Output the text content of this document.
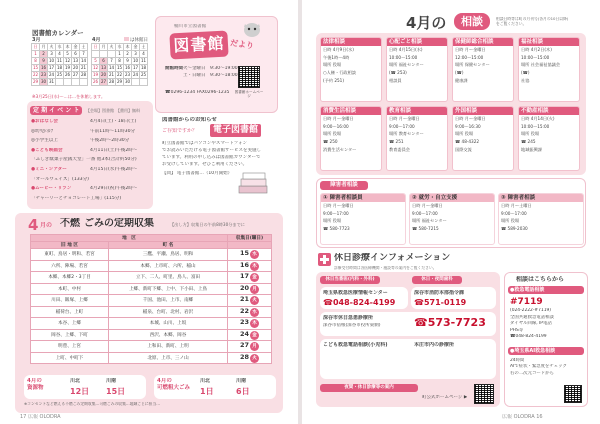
図書館カレンダー
3月	4月	は休館日
日	月	火	水	木	金	土
1	2	3	4	5	6	7
8	9	10	11	12	13	14
15	16	17	18	19	20	21
22	23	24	25	26	27	28
29	30	31				
日	月	火	水	木	金	土
			1	2	3	4
5	6	7	8	9	10	11
12	13	14	15	16	17	18
19	20	21	22	23	24	25
26	27	28	29	30		
※3月25日(水)～…は…を休館します。
桶川市立図書館
図書館 だより
開館時間 火～金曜日　9:30～19:00
土・日曜日　9:30～18:00
☎0296-1234 FAX0296-1235 図書館ホームページ
定 期 イ ベ ン ト	【会場】図書館　【費用】無料
●おはなし会	4月4日(土)・18日(土)
◎幼児向け	午前11時～11時30分
◎小学生以上	午後2時～2時30分
●こども映画会	4月11日(土)午後2時～
「ふしぎ駄菓子屋銭天堂」一番 他3本(合計約50分)
●ミニ・シアター	4月15日(水)午後2時～
「オールウェイズ」(133分)
●ムービー・リラン	4月29日(祝)午後2時～
「チャーリーとチョコレート工場」(115分)
図書館からのお知らせ
ご存知ですか？	電子図書館
町立図書館ではパソコンやスマートフォン
でお読みいただける電子図書館サービスを実施し
ています。利用の申し込みは図書館カウンターで
お受けしています。ぜひご利用ください。
【問】 電子図書館…（10月開始）
4 月の 不燃 ごみの定期収集	【出し方】収集日の午前8時30分までに
地　区		収集日(曜日)
旧 地 区	町 名	
東町、鳥居・明和、若宮	三鷹、平瀬、鳥居、明和	15 水
六所、陣場、若宮	本郷、上市町、六所、稲山	16 木
本郷、本郷2・3丁目	立下、二人、町里、鳥人、富田	17 金
本町、中村	上郷、新町下郷、上中、下小田、上鳥	20 月
川田、飯塚、上郷	千国、池田、上市、南郷	21 火
稲荷台、上町	稲泉、台町、北村、岩沢	22 水
本谷、上郷	本城、山川、上坂	23 木
岡谷、上郷、下町	西沢、本郷、岡谷	24 金
明豊、上宮	上和田、新町、上明	27 月
上町、中町下	北原、上市、三ノ山	28 火
4月の
資源物
川北	川南
12日 15日
4月の
可燃粗大ごみ
川北	川南
1日	6日
※コンセントなど燃える不燃ごみ定期収集…可燃ごみの収集…地域ごとに担当…
17 広報 OLODRA
4月の	相談	相談日時等は町の月刊号(各月の10日以降)をご覧ください。
法律相談
日時 4月9日(水)
午後1時～4時
場所 役場
○人権・行政相談
(予約 251)
心配ごと相談
日時 4月15日(水)
10:00～15:00
場所 福祉センター
(☎ 253)
相談員
保健師総合相談
日時 月～金曜日
12:00～15:00
場所 保健センター
(☎)
健康課
福祉相談
日時 4月2日(木)
10:00～15:00
場所 社会福祉協議会
(☎)
社協
消費生活相談
日時 月～金曜日
9:00～16:00
場所 役場
☎ 250
消費生活センター
教育相談
日時 月～金曜日
9:00～17:00
場所 教育センター
☎ 251
教育委員会
外国相談
日時 月～金曜日
9:00～16:30
場所 役場
☎ 48-4322
国際交流
不動産相談
日時 4月14日(火)
10:00～15:00
場所 役場
☎ 245
地域振興課
障害者相談
① 障害者相談員
日時 月～金曜日
9:00～17:00
場所 役場
☎ 580-7723
② 就労・自立支援
日時 月～金曜日
9:00～17:00
場所 福祉センター
☎ 580-7215
③ 障害者相談
日時 月～土曜日
9:00～17:00
場所 役場
☎ 589-2030
休日診療インフォメーション
診療受付時間は各医療機関・施設等の案内をご覧ください。
休日当番医(内科・外科)	休日・夜間歯科
埼玉県救急医療情報センター
☎048-824-4199
深谷市消防本部指令課
☎571-0119
深谷市休日急患診療所
深谷市宿根(深谷市役所東側)	☎573-7723
こども救急電話相談(小児科)	本庄市内の診療所
夜間・休日診療等の案内
町公式ホームページ ▶
相談はこちらから
●救急電話相談
#7119
(024-2222-#7119)
全国共通救急電話相談
ダイヤル回線, IP電話
PHS等
☎048-824-4199
●埼玉県AI救急相談
24時間
AIで症状・緊急度をチェック
右の二次元コードから
広報 OLODRA 16
